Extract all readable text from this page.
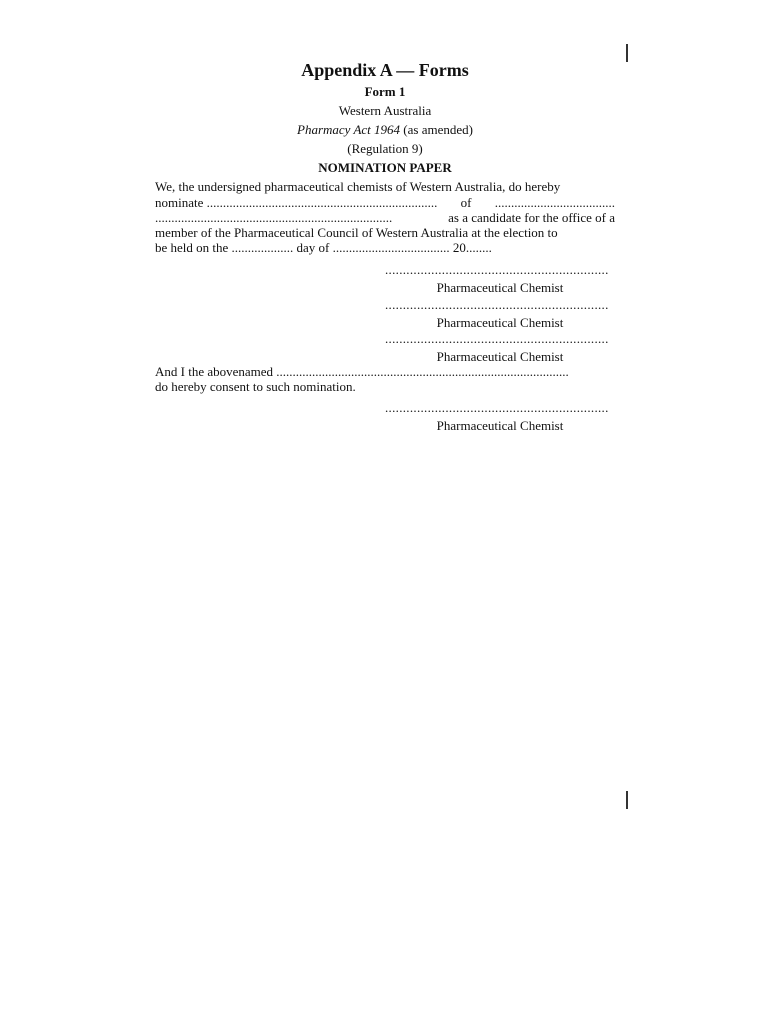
Appendix A — Forms
Form 1
Western Australia
Pharmacy Act 1964 (as amended)
(Regulation 9)
NOMINATION PAPER
We, the undersigned pharmaceutical chemists of Western Australia, do hereby
nominate ....................................................................... of .....................................
.........................................................................	as a candidate for the office of a
member of the Pharmaceutical Council of Western Australia at the election to
be held on the ................... day of .................................... 20........
...............................................................
Pharmaceutical Chemist
...............................................................
Pharmaceutical Chemist
...............................................................
Pharmaceutical Chemist
And I the abovenamed ..........................................................................................
do hereby consent to such nomination.
...............................................................
Pharmaceutical Chemist
